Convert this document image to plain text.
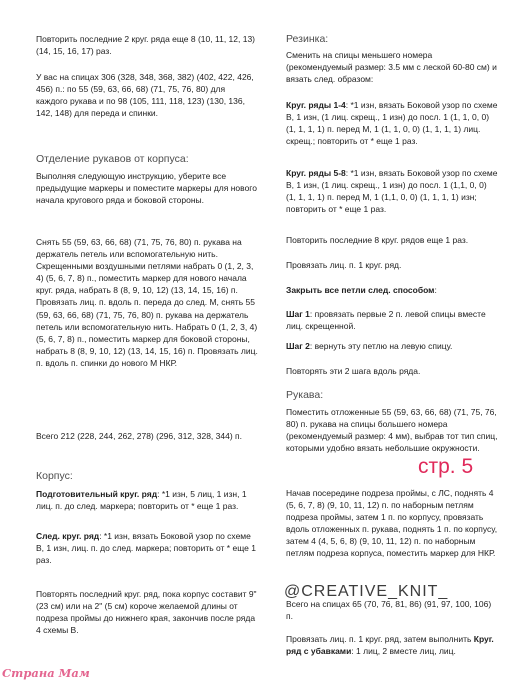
Повторить последние 2 круг. ряда еще 8 (10, 11, 12, 13) (14, 15, 16, 17) раз.

У вас на спицах 306 (328, 348, 368, 382) (402, 422, 426, 456) п.: по 55 (59, 63, 66, 68) (71, 75, 76, 80) для каждого рукава и по 98 (105, 111, 118, 123) (130, 136, 142, 148) для переда и спинки.

Отделение рукавов от корпуса:

Выполняя следующую инструкцию, уберите все предыдущие маркеры и поместите маркеры для нового начала кругового ряда и боковой стороны.

Снять 55 (59, 63, 66, 68) (71, 75, 76, 80) п. рукава на держатель петель или вспомогательную нить. Скрещенными воздушными петлями набрать 0 (1, 2, 3, 4) (5, 6, 7, 8) п., поместить маркер для нового начала круг. ряда, набрать 8 (8, 9, 10, 12) (13, 14, 15, 16) п. Провязать лиц. п. вдоль п. переда до след. М, снять 55 (59, 63, 66, 68) (71, 75, 76, 80) п. рукава на держатель петель или вспомогательную нить. Набрать 0 (1, 2, 3, 4) (5, 6, 7, 8) п., поместить маркер для боковой стороны, набрать 8 (8, 9, 10, 12) (13, 14, 15, 16) п. Провязать лиц. п. вдоль п. спинки до нового М НКР.

Всего 212 (228, 244, 262, 278) (296, 312, 328, 344) п.

Корпус:

Подготовительный круг. ряд: *1 изн, 5 лиц, 1 изн, 1 лиц. п. до след. маркера; повторить от * еще 1 раз.

След. круг. ряд: *1 изн, вязать Боковой узор по схеме В, 1 изн, лиц. п. до след. маркера; повторить от * еще 1 раз.

Повторять последний круг. ряд, пока корпус составит 9" (23 см) или на 2" (5 см) короче желаемой длины от подреза проймы до нижнего края, закончив после ряда 4 схемы В.

Резинка:

Сменить на спицы меньшего номера (рекомендуемый размер: 3.5 мм с леской 60-80 см) и вязать след. образом:

Круг. ряды 1-4: *1 изн, вязать Боковой узор по схеме В, 1 изн, (1 лиц. скрещ., 1 изн) до посл. 1 (1, 1, 0, 0) (1, 1, 1, 1) п. перед М, 1 (1, 1, 0, 0) (1, 1, 1, 1) лиц. скрещ.; повторить от * еще 1 раз.

Круг. ряды 5-8: *1 изн, вязать Боковой узор по схеме В, 1 изн, (1 лиц. скрещ., 1 изн) до посл. 1 (1,1, 0, 0) (1, 1, 1, 1) п. перед М, 1 (1,1, 0, 0) (1, 1, 1, 1) изн; повторить от * еще 1 раз.

Повторить последние 8 круг. рядов еще 1 раз.

Провязать лиц. п. 1 круг. ряд.

Закрыть все петли след. способом:

Шаг 1: провязать первые 2 п. левой спицы вместе лиц. скрещенной.

Шаг 2: вернуть эту петлю на левую спицу.

Повторять эти 2 шага вдоль ряда.

Рукава:

Поместить отложенные 55 (59, 63, 66, 68) (71, 75, 76, 80) п. рукава на спицы большего номера (рекомендуемый размер: 4 мм), выбрав тот тип спиц, которыми удобно вязать небольшие окружности.

Начав посередине подреза проймы, с ЛС, поднять 4 (5, 6, 7, 8) (9, 10, 11, 12) п. по наборным петлям подреза проймы, затем 1 п. по корпусу, провязать вдоль отложенных п. рукава, поднять 1 п. по корпусу, затем 4 (4, 5, 6, 8) (9, 10, 11, 12) п. по наборным петлям подреза корпуса, поместить маркер для НКР.

Всего на спицах 65 (70, 76, 81, 86) (91, 97, 100, 106) п.

Провязать лиц. п. 1 круг. ряд, затем выполнить Круг. ряд с убавками: 1 лиц, 2 вместе лиц, лиц.

стр. 5
@CREATIVE_KNIT_
Страна Мам
